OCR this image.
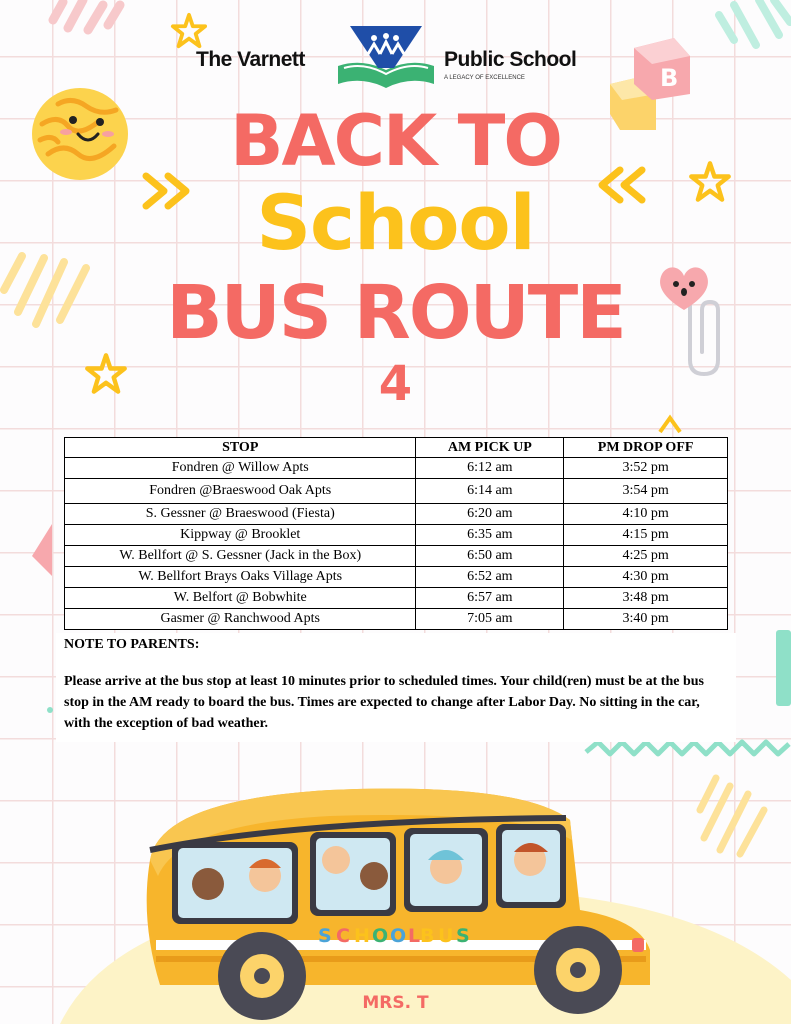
B
The Varnett	Public School
A LEGACY OF EXCELLENCE
BACK TO
School
BUS ROUTE
4
STOP	AM PICK UP	PM DROP OFF
Fondren @ Willow Apts	6:12 am	3:52 pm
Fondren @Braeswood Oak Apts	6:14 am	3:54 pm
S. Gessner @ Braeswood (Fiesta)	6:20 am	4:10 pm
Kippway @ Brooklet	6:35 am	4:15 pm
W. Bellfort @ S. Gessner (Jack in the Box)	6:50 am	4:25 pm
W. Bellfort Brays Oaks Village Apts	6:52 am	4:30 pm
W. Belfort @ Bobwhite	6:57 am	3:48 pm
Gasmer @ Ranchwood Apts	7:05 am	3:40 pm
NOTE TO PARENTS:
Please arrive at the bus stop at least 10 minutes prior to scheduled times. Your child(ren) must be at the bus stop in the AM ready to board the bus. Times are expected to change after Labor Day. No sitting in the car, with the exception of bad weather.
S C H O O L B U S
MRS. T
